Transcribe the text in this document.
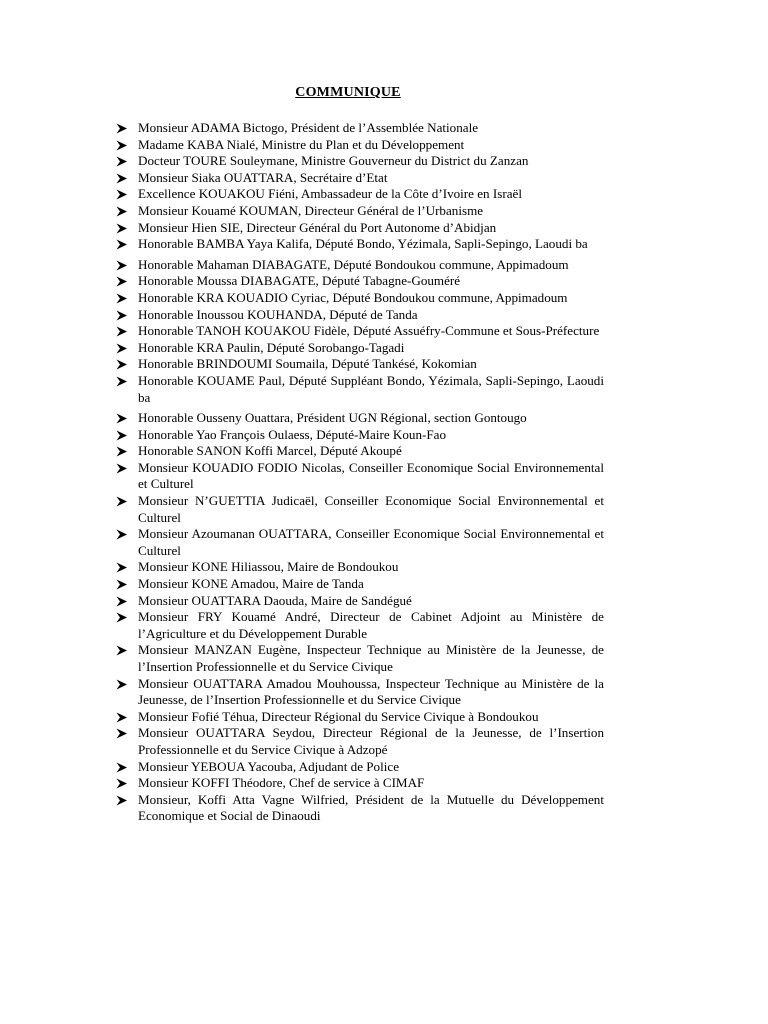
COMMUNIQUE
Monsieur ADAMA Bictogo, Président de l’Assemblée Nationale
Madame KABA Nialé, Ministre du Plan et du Développement
Docteur TOURE Souleymane, Ministre Gouverneur du District du Zanzan
Monsieur Siaka OUATTARA, Secrétaire d’Etat
Excellence KOUAKOU Fiéni, Ambassadeur de la Côte d’Ivoire en Israël
Monsieur Kouamé KOUMAN, Directeur Général de l’Urbanisme
Monsieur Hien SIE, Directeur Général du Port Autonome d’Abidjan
Honorable BAMBA Yaya Kalifa, Député Bondo, Yézimala, Sapli-Sepingo, Laoudi ba
Honorable Mahaman DIABAGATE, Député Bondoukou commune, Appimadoum
Honorable Moussa DIABAGATE, Député Tabagne-Gouméré
Honorable KRA KOUADIO Cyriac, Député Bondoukou commune, Appimadoum
Honorable Inoussou KOUHANDA, Député de Tanda
Honorable TANOH KOUAKOU Fidèle, Député Assuéfry-Commune et Sous-Préfecture
Honorable KRA Paulin, Député Sorobango-Tagadi
Honorable BRINDOUMI Soumaila, Député Tankésé, Kokomian
Honorable KOUAME Paul, Député Suppléant Bondo, Yézimala, Sapli-Sepingo, Laoudi ba
Honorable Ousseny Ouattara, Président UGN Régional, section Gontougo
Honorable Yao François Oulaess, Député-Maire Koun-Fao
Honorable SANON Koffi Marcel, Député Akoupé
Monsieur KOUADIO FODIO Nicolas, Conseiller Economique Social Environnemental et Culturel
Monsieur N’GUETTIA Judicaël, Conseiller Economique Social Environnemental et Culturel
Monsieur Azoumanan OUATTARA, Conseiller Economique Social Environnemental et Culturel
Monsieur KONE Hiliassou, Maire de Bondoukou
Monsieur KONE Amadou, Maire de Tanda
Monsieur OUATTARA Daouda, Maire de Sandégué
Monsieur FRY Kouamé André, Directeur de Cabinet Adjoint au Ministère de l’Agriculture et du Développement Durable
Monsieur MANZAN Eugène, Inspecteur Technique au Ministère de la Jeunesse, de l’Insertion Professionnelle et du Service Civique
Monsieur OUATTARA Amadou Mouhoussa, Inspecteur Technique au Ministère de la Jeunesse, de l’Insertion Professionnelle et du Service Civique
Monsieur Fofié Téhua, Directeur Régional du Service Civique à Bondoukou
Monsieur OUATTARA Seydou, Directeur Régional de la Jeunesse, de l’Insertion Professionnelle et du Service Civique à Adzopé
Monsieur YEBOUA Yacouba, Adjudant de Police
Monsieur KOFFI Théodore, Chef de service à CIMAF
Monsieur, Koffi Atta Vagne Wilfried, Président de la Mutuelle du Développement Economique et Social de Dinaoudi
